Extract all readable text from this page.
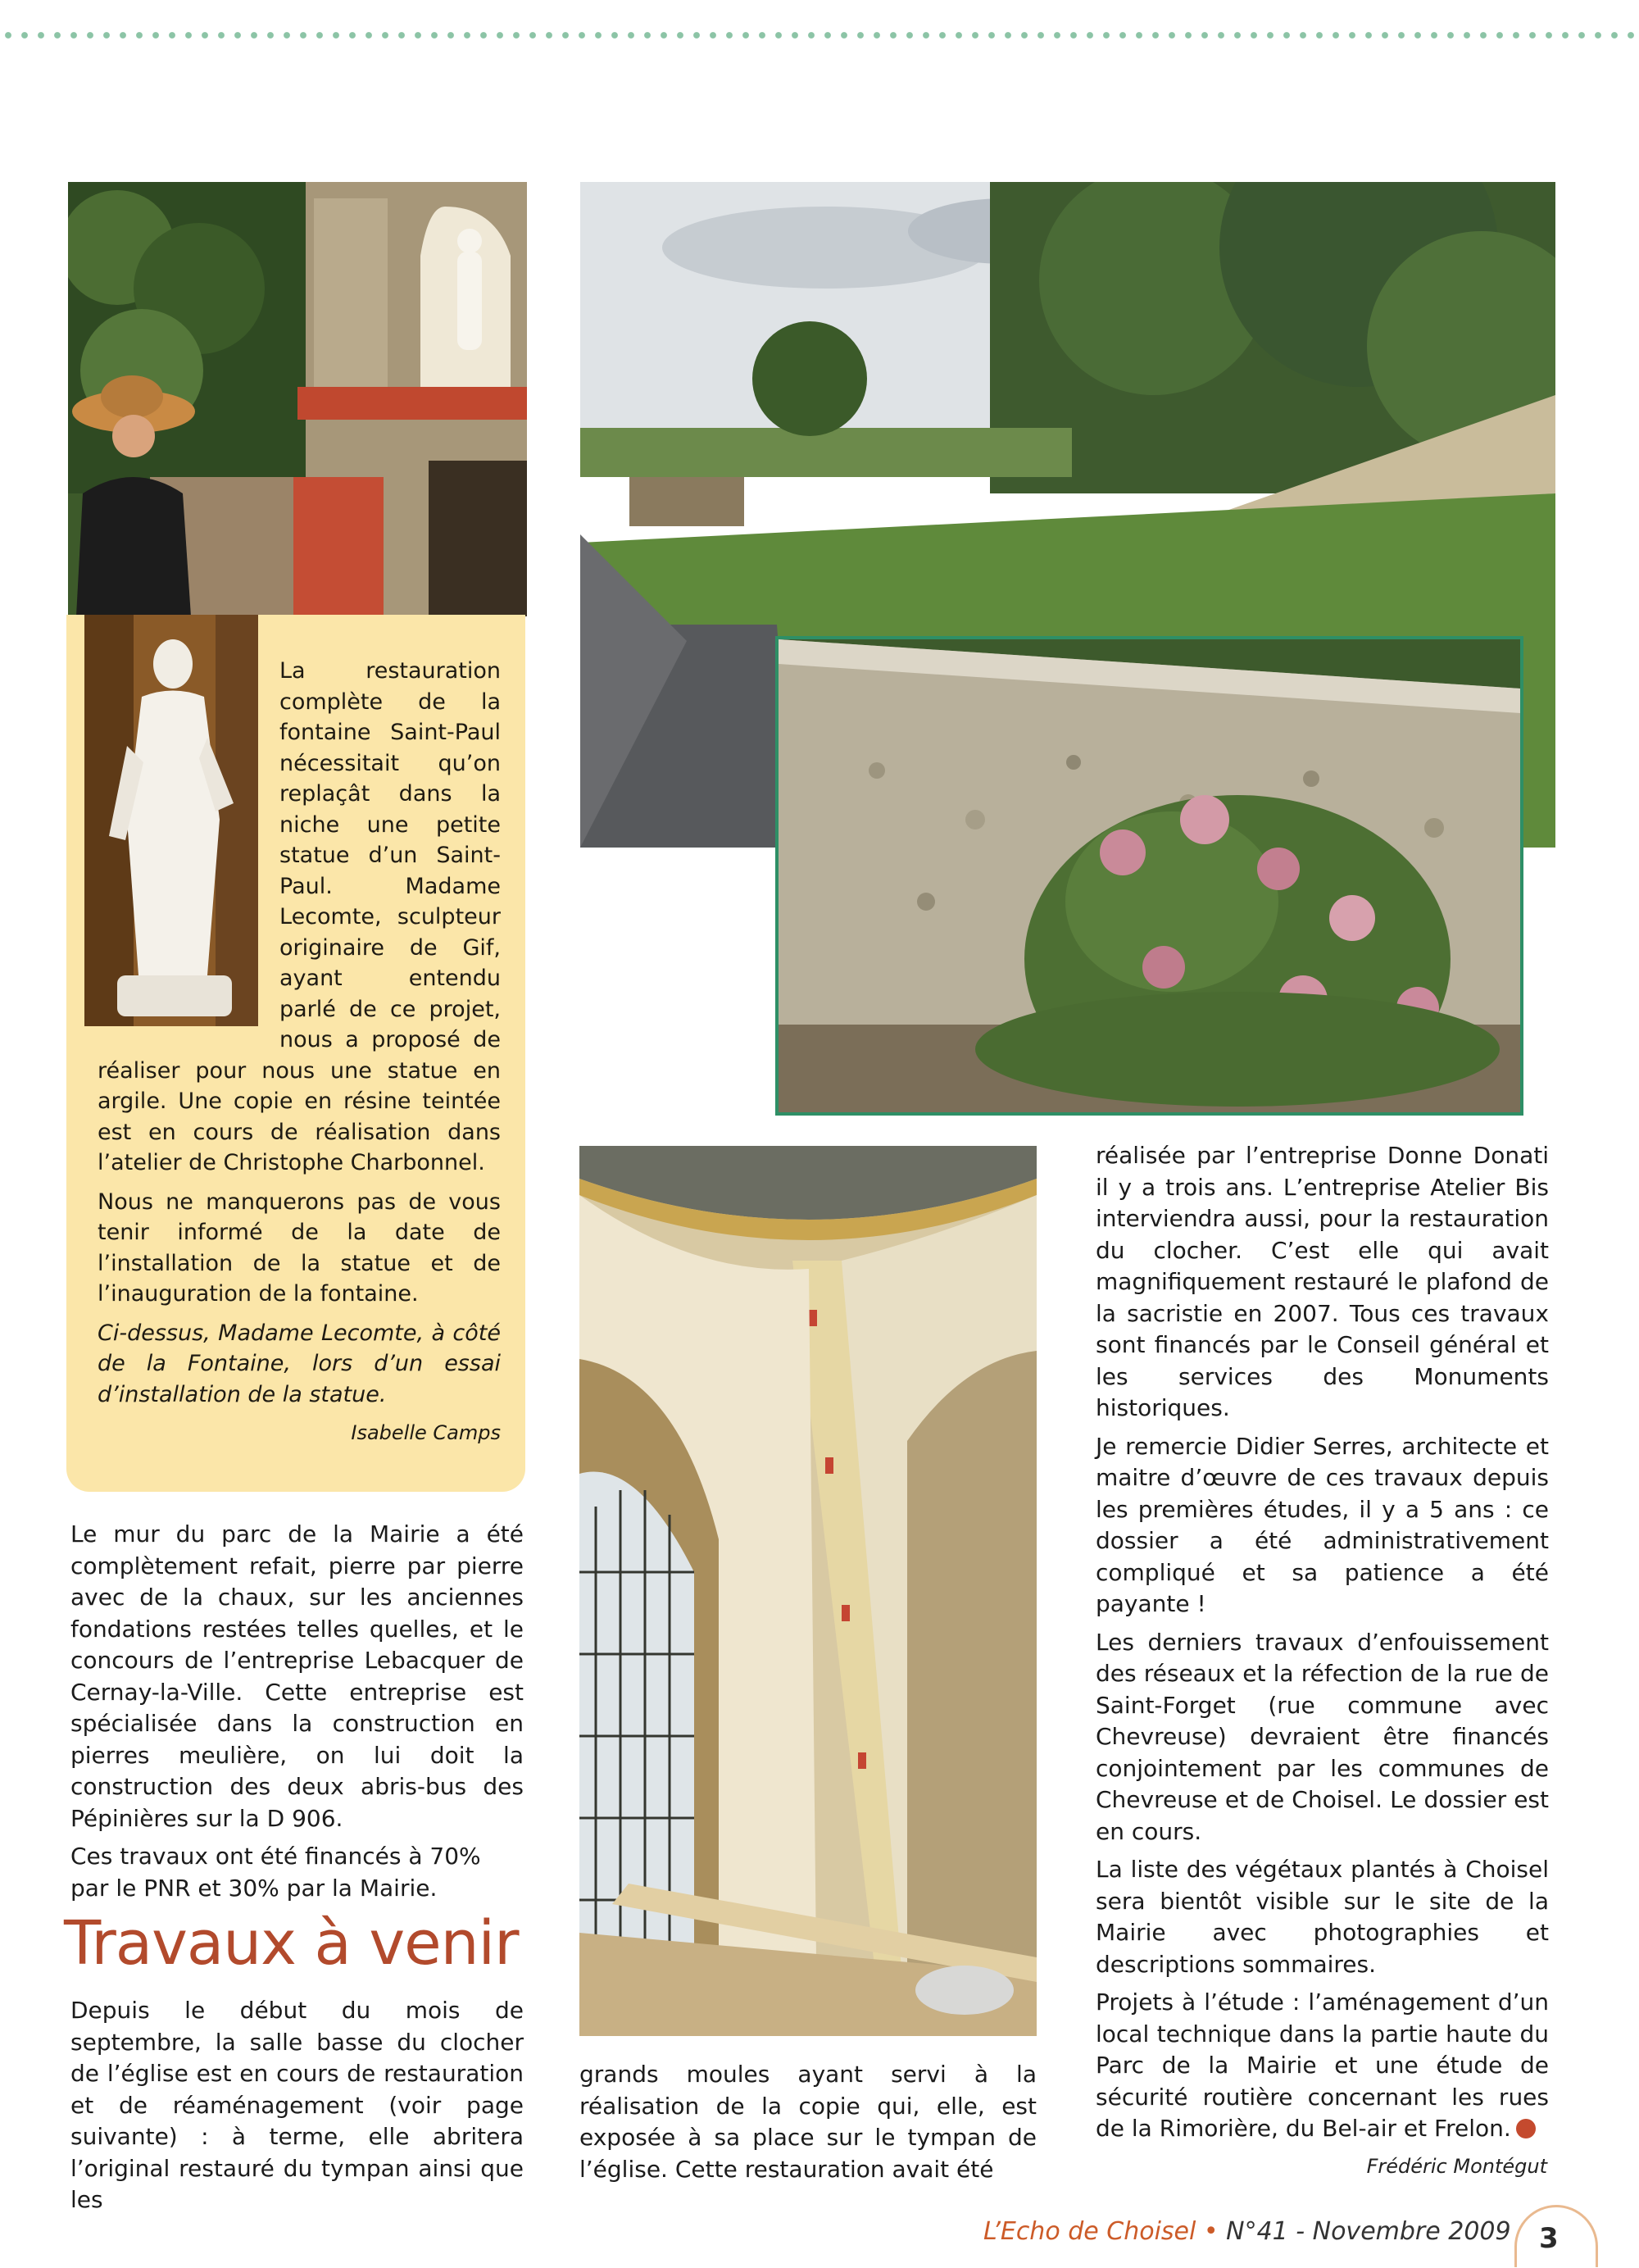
La restauration complète de la fontaine Saint-Paul nécessitait qu’on replaçât dans la niche une petite statue d’un Saint-Paul. Madame Lecomte, sculpteur originaire de Gif, ayant entendu parlé de ce projet, nous a proposé de réaliser pour nous une statue en argile. Une copie en résine teintée est en cours de réalisation dans l’atelier de Christophe Charbonnel.

Nous ne manquerons pas de vous tenir informé de la date de l’installation de la statue et de l’inauguration de la fontaine.

Ci-dessus, Madame Lecomte, à côté de la Fontaine, lors d’un essai d’installation de la statue.

Isabelle Camps

Le mur du parc de la Mairie a été complètement refait, pierre par pierre avec de la chaux, sur les anciennes fondations restées telles quelles, et le concours de l’entreprise Lebacquer de Cernay-la-Ville. Cette entreprise est spécialisée dans la construction en pierres meulière, on lui doit la construction des deux abris-bus des Pépinières sur la D 906.

Ces travaux ont été financés à 70% par le PNR et 30% par la Mairie.

Travaux à venir

Depuis le début du mois de septembre, la salle basse du clocher de l’église est en cours de restauration et de réaménagement (voir page suivante) : à terme, elle abritera l’original restauré du tympan ainsi que les

grands moules ayant servi à la réalisation de la copie qui, elle, est exposée à sa place sur le tympan de l’église. Cette restauration avait été

réalisée par l’entreprise Donne Donati il y a trois ans. L’entreprise Atelier Bis interviendra aussi, pour la restauration du clocher. C’est elle qui avait magnifiquement restauré le plafond de la sacristie en 2007. Tous ces travaux sont financés par le Conseil général et les services des Monuments historiques.

Je remercie Didier Serres, architecte et maitre d’œuvre de ces travaux depuis les premières études, il y a 5 ans : ce dossier a été administrativement compliqué et sa patience a été payante !

Les derniers travaux d’enfouissement des réseaux et la réfection de la rue de Saint-Forget (rue commune avec Chevreuse) devraient être financés conjointement par les communes de Chevreuse et de Choisel. Le dossier est en cours.

La liste des végétaux plantés à Choisel sera bientôt visible sur le site de la Mairie avec photographies et descriptions sommaires.

Projets à l’étude : l’aménagement d’un local technique dans la partie haute du Parc de la Mairie et une étude de sécurité routière concernant les rues de la Rimorière, du Bel-air et Frelon.

Frédéric Montégut
L’Echo de Choisel • N°41 - Novembre 2009 3
